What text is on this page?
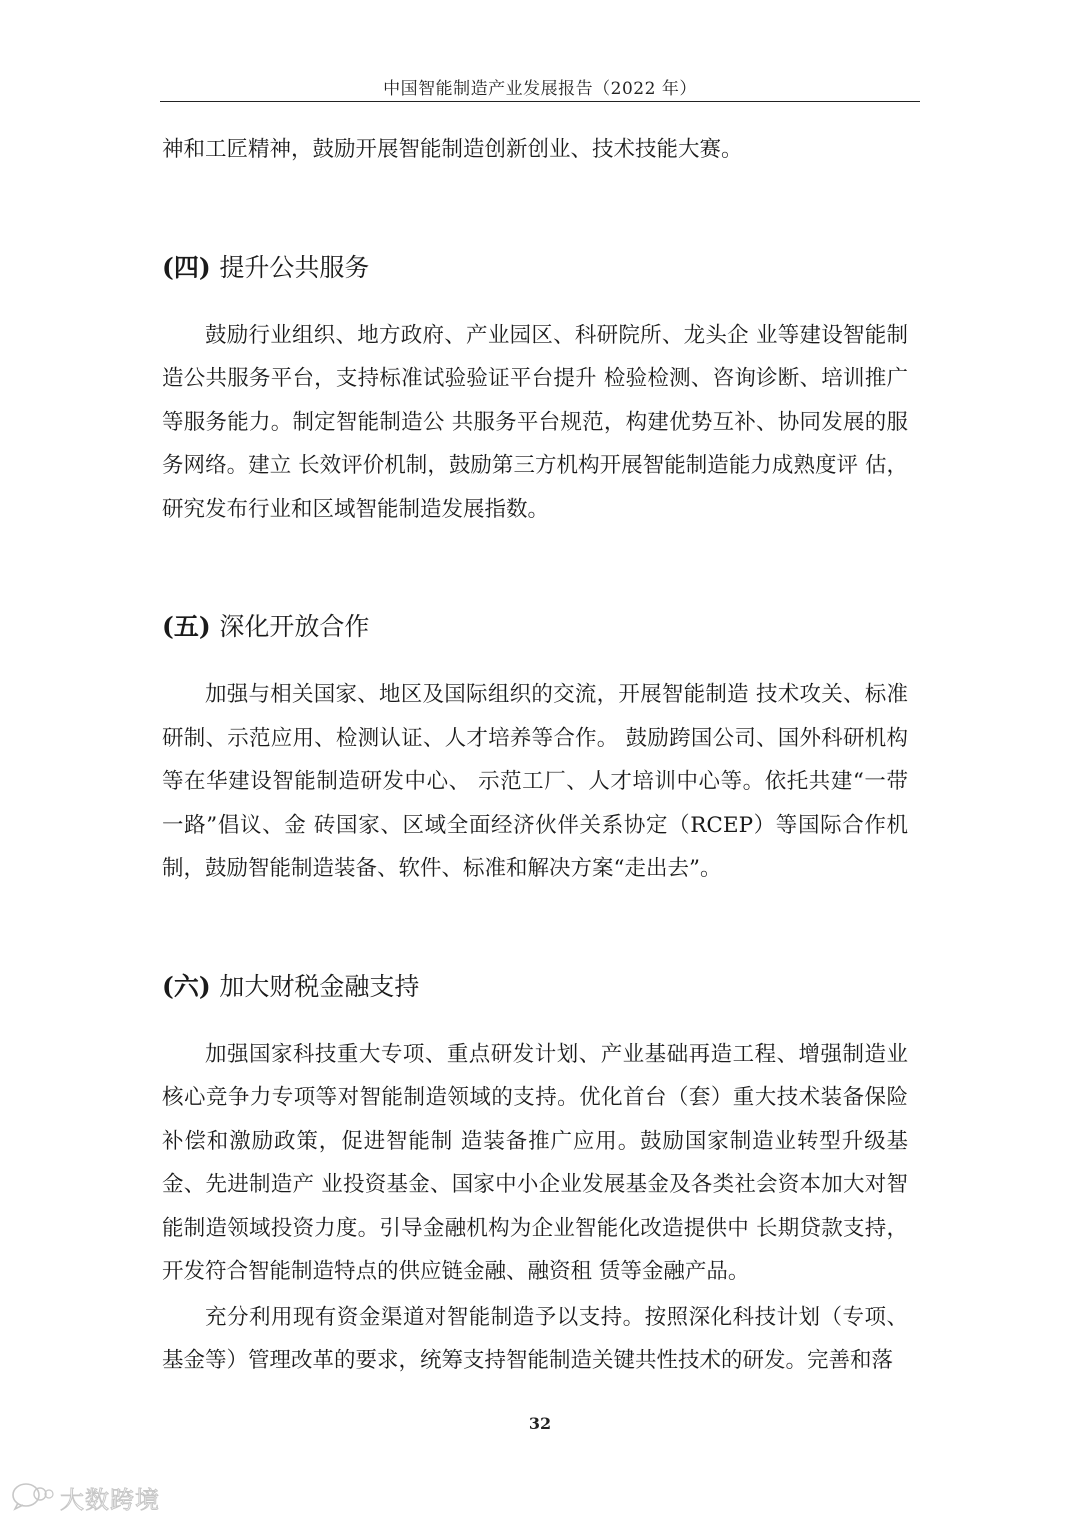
中国智能制造产业发展报告（2022 年）

神和工匠精神，鼓励开展智能制造创新创业、技术技能大赛。

(四) 提升公共服务

鼓励行业组织、地方政府、产业园区、科研院所、龙头企 业等建设智能制造公共服务平台，支持标准试验验证平台提升 检验检测、咨询诊断、培训推广等服务能力。制定智能制造公 共服务平台规范，构建优势互补、协同发展的服务网络。建立 长效评价机制，鼓励第三方机构开展智能制造能力成熟度评 估，研究发布行业和区域智能制造发展指数。

(五) 深化开放合作

加强与相关国家、地区及国际组织的交流，开展智能制造 技术攻关、标准研制、示范应用、检测认证、人才培养等合作。 鼓励跨国公司、国外科研机构等在华建设智能制造研发中心、 示范工厂、人才培训中心等。依托共建“一带一路”倡议、金 砖国家、区域全面经济伙伴关系协定（RCEP）等国际合作机 制，鼓励智能制造装备、软件、标准和解决方案“走出去”。

(六) 加大财税金融支持

加强国家科技重大专项、重点研发计划、产业基础再造工程、增强制造业核心竞争力专项等对智能制造领域的支持。优化首台（套）重大技术装备保险补偿和激励政策，促进智能制 造装备推广应用。鼓励国家制造业转型升级基金、先进制造产 业投资基金、国家中小企业发展基金及各类社会资本加大对智 能制造领域投资力度。引导金融机构为企业智能化改造提供中 长期贷款支持，开发符合智能制造特点的供应链金融、融资租 赁等金融产品。

充分利用现有资金渠道对智能制造予以支持。按照深化科技计划（专项、基金等）管理改革的要求，统筹支持智能制造关键共性技术的研发。完善和落

32
大数跨境
